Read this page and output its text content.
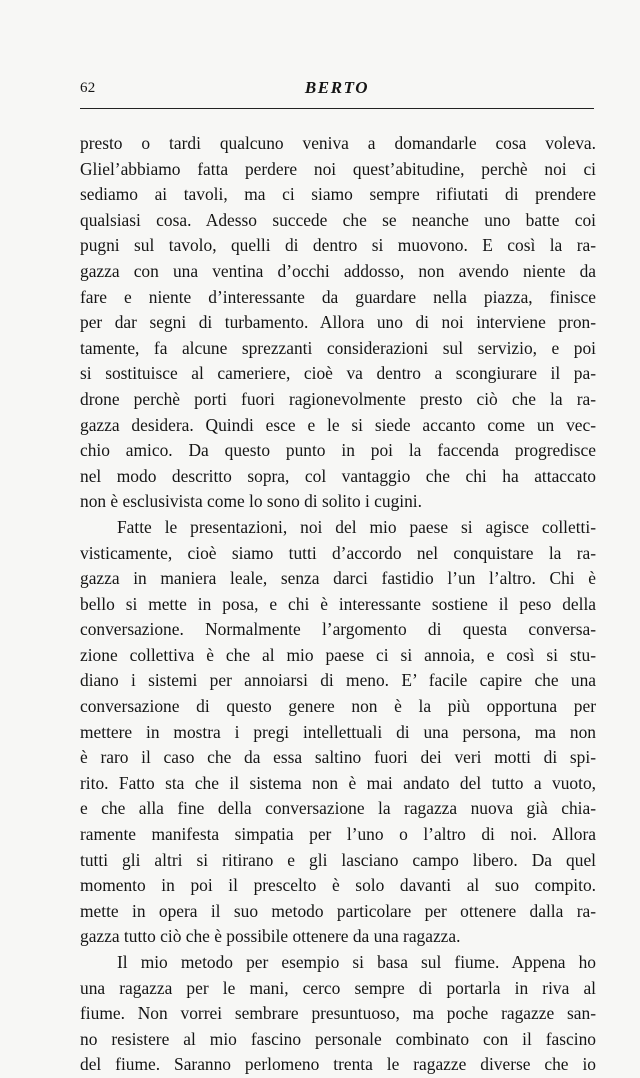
62	BERTO
presto o tardi qualcuno veniva a domandarle cosa voleva.
Gliel’abbiamo fatta perdere noi quest’abitudine, perchè noi ci
sediamo ai tavoli, ma ci siamo sempre rifiutati di prendere
qualsiasi cosa. Adesso succede che se neanche uno batte coi
pugni sul tavolo, quelli di dentro si muovono. E così la ra-
gazza con una ventina d’occhi addosso, non avendo niente da
fare e niente d’interessante da guardare nella piazza, finisce
per dar segni di turbamento. Allora uno di noi interviene pron-
tamente, fa alcune sprezzanti considerazioni sul servizio, e poi
si sostituisce al cameriere, cioè va dentro a scongiurare il pa-
drone perchè porti fuori ragionevolmente presto ciò che la ra-
gazza desidera. Quindi esce e le si siede accanto come un vec-
chio amico. Da questo punto in poi la faccenda progredisce
nel modo descritto sopra, col vantaggio che chi ha attaccato
non è esclusivista come lo sono di solito i cugini.
Fatte le presentazioni, noi del mio paese si agisce colletti-
visticamente, cioè siamo tutti d’accordo nel conquistare la ra-
gazza in maniera leale, senza darci fastidio l’un l’altro. Chi è
bello si mette in posa, e chi è interessante sostiene il peso della
conversazione. Normalmente l’argomento di questa conversa-
zione collettiva è che al mio paese ci si annoia, e così si stu-
diano i sistemi per annoiarsi di meno. E’ facile capire che una
conversazione di questo genere non è la più opportuna per
mettere in mostra i pregi intellettuali di una persona, ma non
è raro il caso che da essa saltino fuori dei veri motti di spi-
rito. Fatto sta che il sistema non è mai andato del tutto a vuoto,
e che alla fine della conversazione la ragazza nuova già chia-
ramente manifesta simpatia per l’uno o l’altro di noi. Allora
tutti gli altri si ritirano e gli lasciano campo libero. Da quel
momento in poi il prescelto è solo davanti al suo compito.
mette in opera il suo metodo particolare per ottenere dalla ra-
gazza tutto ciò che è possibile ottenere da una ragazza.
Il mio metodo per esempio si basa sul fiume. Appena ho
una ragazza per le mani, cerco sempre di portarla in riva al
fiume. Non vorrei sembrare presuntuoso, ma poche ragazze san-
no resistere al mio fascino personale combinato con il fascino
del fiume. Saranno perlomeno trenta le ragazze diverse che io
